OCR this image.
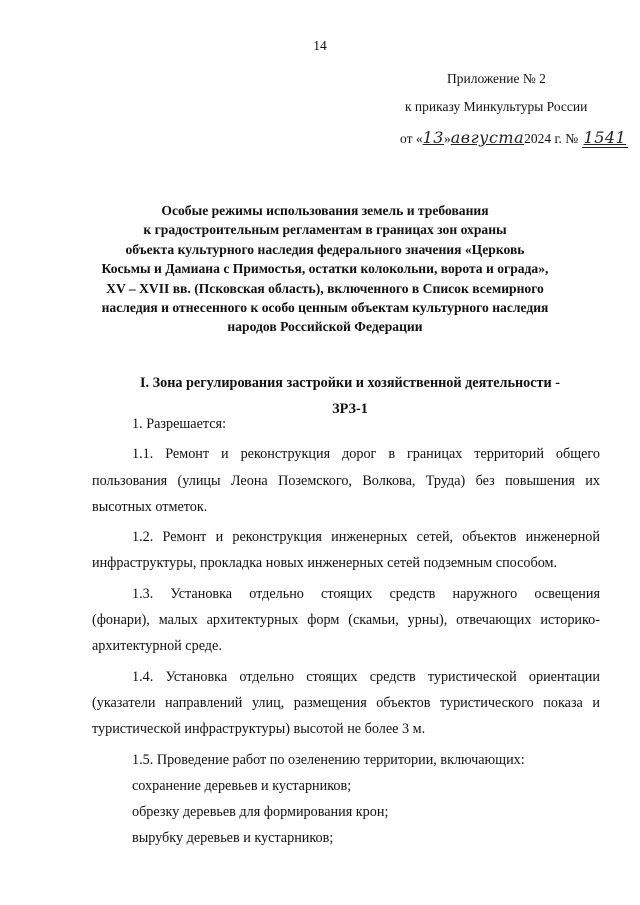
14
Приложение № 2
к приказу Минкультуры России
от «13»августа2024 г. № 1541
Особые режимы использования земель и требования
к градостроительным регламентам в границах зон охраны
объекта культурного наследия федерального значения «Церковь
Косьмы и Дамиана с Примостья, остатки колокольни, ворота и ограда»,
XV – XVII вв. (Псковская область), включенного в Список всемирного
наследия и отнесенного к особо ценным объектам культурного наследия
народов Российской Федерации
I. Зона регулирования застройки и хозяйственной деятельности -
ЗРЗ-1

1. Разрешается:

1.1. Ремонт и реконструкция дорог в границах территорий общего
пользования (улицы Леона Поземского, Волкова, Труда) без повышения их
высотных отметок.

1.2. Ремонт и реконструкция инженерных сетей, объектов инженерной
инфраструктуры, прокладка новых инженерных сетей подземным способом.

1.3. Установка отдельно стоящих средств наружного освещения
(фонари), малых архитектурных форм (скамьи, урны), отвечающих историко-
архитектурной среде.

1.4. Установка отдельно стоящих средств туристической ориентации
(указатели направлений улиц, размещения объектов туристического показа и
туристической инфраструктуры) высотой не более 3 м.

1.5. Проведение работ по озеленению территории, включающих:
сохранение деревьев и кустарников;
обрезку деревьев для формирования крон;
вырубку деревьев и кустарников;
